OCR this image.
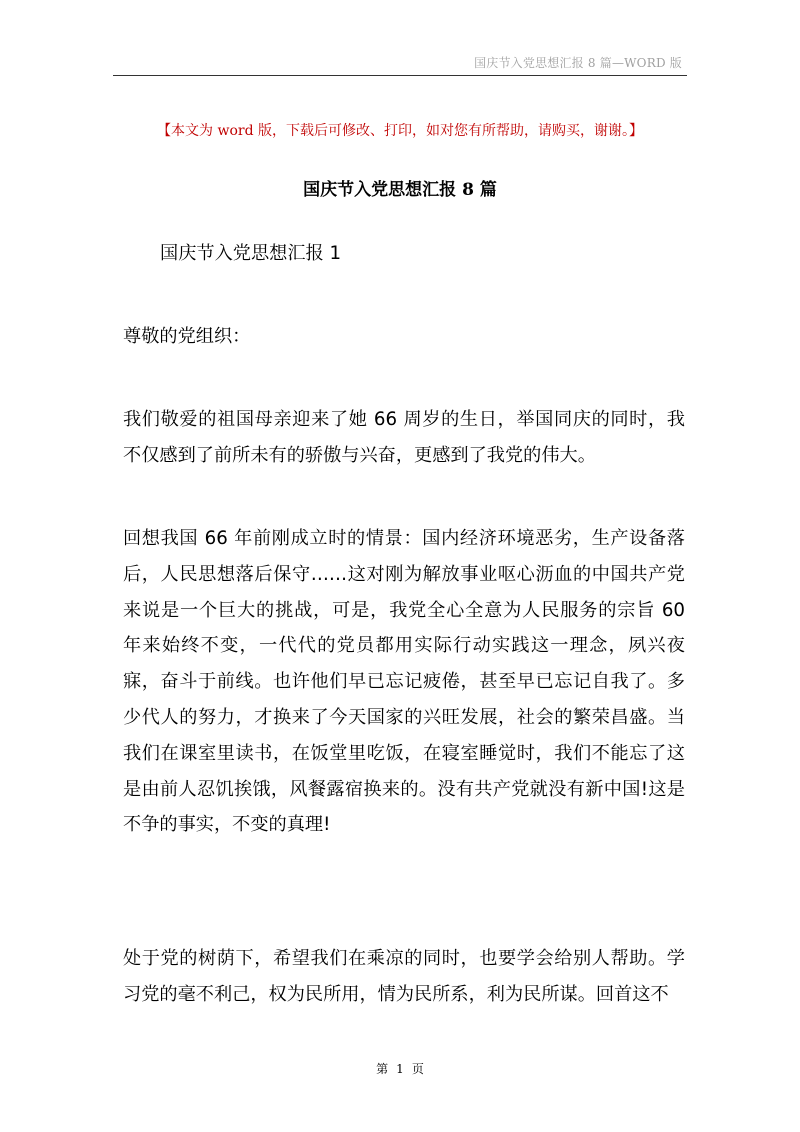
国庆节入党思想汇报 8 篇—WORD 版
【本文为 word 版，下载后可修改、打印，如对您有所帮助，请购买，谢谢。】
国庆节入党思想汇报 8 篇
国庆节入党思想汇报 1
尊敬的党组织：
我们敬爱的祖国母亲迎来了她 66 周岁的生日，举国同庆的同时，我不仅感到了前所未有的骄傲与兴奋，更感到了我党的伟大。
回想我国 66 年前刚成立时的情景：国内经济环境恶劣，生产设备落后，人民思想落后保守……这对刚为解放事业呕心沥血的中国共产党来说是一个巨大的挑战，可是，我党全心全意为人民服务的宗旨 60 年来始终不变，一代代的党员都用实际行动实践这一理念，夙兴夜寐，奋斗于前线。也许他们早已忘记疲倦，甚至早已忘记自我了。多少代人的努力，才换来了今天国家的兴旺发展，社会的繁荣昌盛。当我们在课室里读书，在饭堂里吃饭，在寝室睡觉时，我们不能忘了这是由前人忍饥挨饿，风餐露宿换来的。没有共产党就没有新中国!这是不争的事实，不变的真理!
处于党的树荫下，希望我们在乘凉的同时，也要学会给别人帮助。学习党的毫不利己，权为民所用，情为民所系，利为民所谋。回首这不
第 1 页
